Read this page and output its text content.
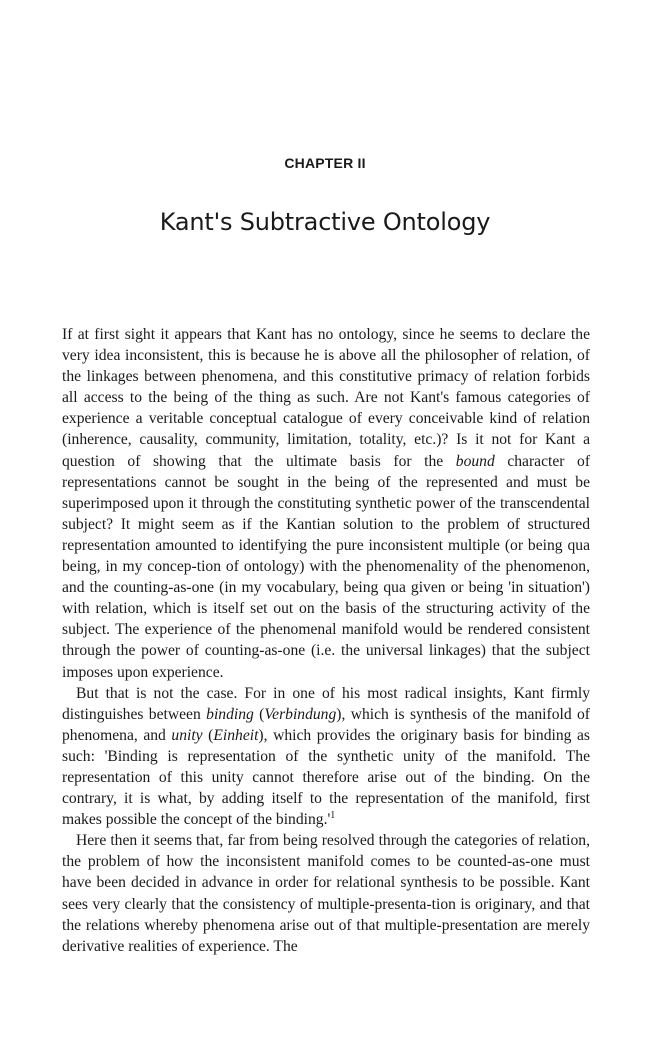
CHAPTER II
Kant's Subtractive Ontology

If at first sight it appears that Kant has no ontology, since he seems to declare the very idea inconsistent, this is because he is above all the philosopher of relation, of the linkages between phenomena, and this constitutive primacy of relation forbids all access to the being of the thing as such. Are not Kant's famous categories of experience a veritable conceptual catalogue of every conceivable kind of relation (inherence, causality, community, limitation, totality, etc.)? Is it not for Kant a question of showing that the ultimate basis for the bound character of representations cannot be sought in the being of the represented and must be superimposed upon it through the constituting synthetic power of the transcendental subject? It might seem as if the Kantian solution to the problem of structured representation amounted to identifying the pure inconsistent multiple (or being qua being, in my concep-tion of ontology) with the phenomenality of the phenomenon, and the counting-as-one (in my vocabulary, being qua given or being 'in situation') with relation, which is itself set out on the basis of the structuring activity of the subject. The experience of the phenomenal manifold would be rendered consistent through the power of counting-as-one (i.e. the universal linkages) that the subject imposes upon experience.

But that is not the case. For in one of his most radical insights, Kant firmly distinguishes between binding (Verbindung), which is synthesis of the manifold of phenomena, and unity (Einheit), which provides the originary basis for binding as such: 'Binding is representation of the synthetic unity of the manifold. The representation of this unity cannot therefore arise out of the binding. On the contrary, it is what, by adding itself to the representation of the manifold, first makes possible the concept of the $binding.'^1$

Here then it seems that, far from being resolved through the categories of relation, the problem of how the inconsistent manifold comes to be counted-as-one must have been decided in advance in order for relational synthesis to be possible. Kant sees very clearly that the consistency of multiple-presenta-tion is originary, and that the relations whereby phenomena arise out of that multiple-presentation are merely derivative realities of experience. The
